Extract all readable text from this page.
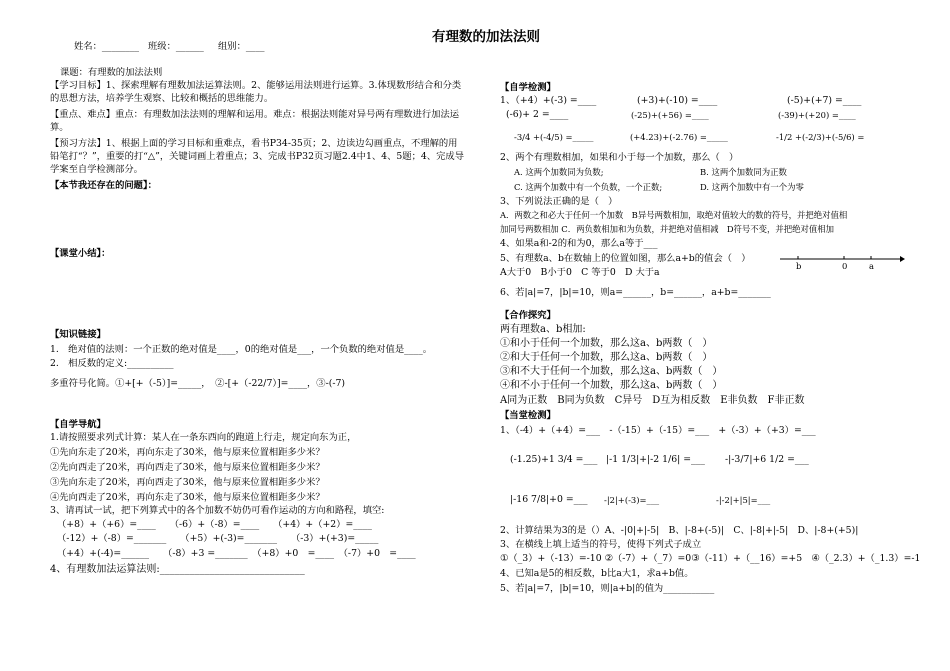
有理数的加法法则
姓名：________ 班级：______ 组别：____
课题：有理数的加法法则
【学习目标】1、探索理解有理数加法运算法则。2、能够运用法则进行运算。3.体现数形结合和分类的思想方法，培养学生观察、比较和概括的思维能力。
【重点、难点】重点：有理数加法法则的理解和运用。难点：根据法则能对异号两有理数进行加法运算。
【预习方法】1、根据上面的学习目标和重难点，看书P34-35页；2、边读边勾画重点，不理解的用铅笔打“？”，重要的打“△”，关键词画上着重点；3、完成书P32页习题2.4中1、4、5题；4、完成导学案至自学检测部分。
【本节我还存在的问题】：
【课堂小结】：
【知识链接】
1.　绝对值的法则：一个正数的绝对值是____，0的绝对值是___，一个负数的绝对值是____。
2.　相反数的定义:__________
多重符号化简。①+[+（-5）]=_____，　②-[+（-22/7）]=____，③-(-7)
【自学导航】
1.请按照要求列式计算：某人在一条东西向的跑道上行走，规定向东为正，
①先向东走了20米，再向东走了30米，他与原来位置相距多少米？
②先向西走了20米，再向西走了30米，他与原来位置相距多少米？
③先向东走了20米，再向西走了30米，他与原来位置相距多少米？
④先向西走了20米，再向东走了30米，他与原来位置相距多少米？
3、请再试一试，把下列算式中的各个加数不妨仍可看作运动的方向和路程，填空:
（+8）+（+6）=____　　（-6）+（-8）=____　　（+4）+（+2）=____
（-12）+（-8）=_______　　（+5）+(-3)=_______　　（-3）+(+3)=_____
（+4）+(-4)=______　　（-8）+3 =_______　（+8）+0　=____　（-7）+0　=____
4、有理数加法运算法则:_____________________________
【自学检测】
1、（+4）+(-3) =____	(+3)+(-10) =____	(-5)+(+7) =____
(-6)+ 2 =____	(-25)+(+56) =____	(-39)+(+20) =____
-3/4 +(-4/5) =_____	(+4.23)+(-2.76) =_____	-1/2 +(-2/3)+(-5/6) =
2、两个有理数相加，如果和小于每一个加数，那么（　）
A. 这两个加数同为负数;	B. 这两个加数同为正数
C. 这两个加数中有一个负数，一个正数;	D. 这两个加数中有一个为零
3、下列说法正确的是（　）
A．两数之和必大于任何一个加数　B异号两数相加，取绝对值较大的数的符号，并把绝对值相
加同号两数相加 C．两负数相加和为负数，并把绝对值相减　D符号不变，并把绝对值相加
4、如果a和-2的和为0，那么a等于___
5、有理数a、b在数轴上的位置如图，那么a+b的值会（　）
A大于0　B小于0　C 等于0　D 大于a
b	0	a
6、若|a|=7，|b|=10，则a=______，b=______，a+b=_______
【合作探究】
两有理数a、b相加:
①和小于任何一个加数，那么这a、b两数（　）
②和大于任何一个加数，那么这a、b两数（　）
③和不大于任何一个加数，那么这a、b两数（　）
④和不小于任何一个加数，那么这a、b两数（　）
A同为正数　B同为负数　C异号　D互为相反数　E非负数　F非正数
【当堂检测】
1、（-4）+（+4）=___　-（-15）+（-15）=___　+（-3）+（+3）=___
(-1.25)+1 3/4 =___ |-1 1/3|+|-2 1/6| =___ -|-3/7|+6 1/2 =___
|-16 7/8|+0 =___ -|2|+(-3)=___	-|-2|+|5|=___
2、计算结果为3的是（）A、-|0|+|-5|　B、|-8+(-5)|　C、|-8|+|-5|　D、|-8+(+5)|
3、在横线上填上适当的符号，使得下列式子成立
①（_3）+（-13）=-10 ②（-7）+（_7）=0③（-11）+（__16）=+5　④（_2.3）+（_1.3）=-1
4、已知a是5的相反数，b比a大1，求a+b值。
5、若|a|=7，|b|=10，则|a+b|的值为___________
